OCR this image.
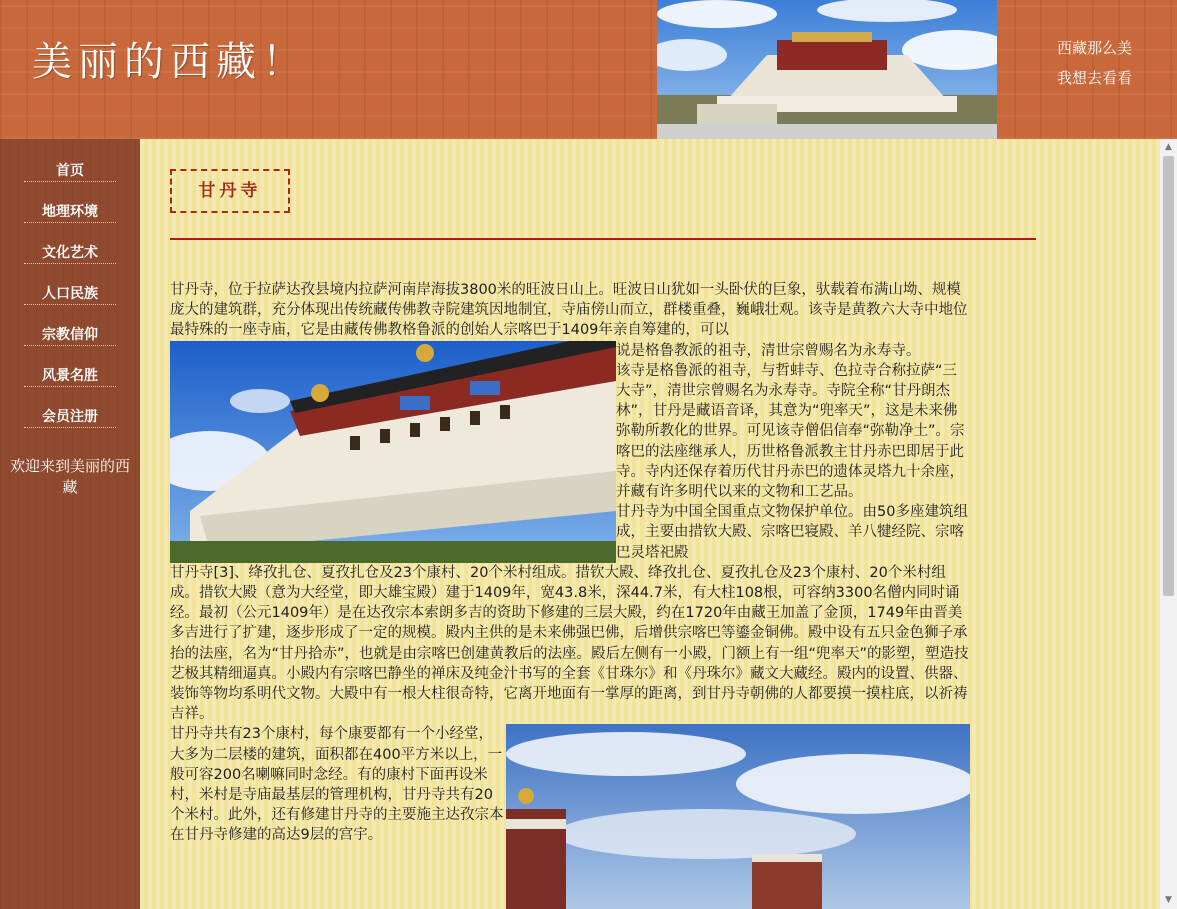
美丽的西藏！	西藏那么美
我想去看看
首页
地理环境
文化艺术
人口民族
宗教信仰
风景名胜
会员注册
欢迎来到美丽的西藏
甘丹寺

甘丹寺，位于拉萨达孜县境内拉萨河南岸海拔3800米的旺波日山上。旺波日山犹如一头卧伏的巨象，驮载着布满山坳、规模庞大的建筑群，充分体现出传统藏传佛教寺院建筑因地制宜，寺庙傍山而立，群楼重叠，巍峨壮观。该寺是黄教六大寺中地位最特殊的一座寺庙，它是由藏传佛教格鲁派的创始人宗喀巴于1409年亲自筹建的，可以

说是格鲁教派的祖寺，清世宗曾赐名为永寿寺。

该寺是格鲁派的祖寺，与哲蚌寺、色拉寺合称拉萨“三大寺”，清世宗曾赐名为永寿寺。寺院全称“甘丹朗杰林”，甘丹是藏语音译，其意为“兜率天”，这是未来佛弥勒所教化的世界。可见该寺僧侣信奉“弥勒净土”。宗喀巴的法座继承人，历世格鲁派教主甘丹赤巴即居于此寺。寺内还保存着历代甘丹赤巴的遗体灵塔九十余座，并藏有许多明代以来的文物和工艺品。

甘丹寺为中国全国重点文物保护单位。由50多座建筑组成，主要由措钦大殿、宗喀巴寝殿、羊八犍经院、宗喀巴灵塔祀殿

甘丹寺[3]、绛孜扎仓、夏孜扎仓及23个康村、20个米村组成。措钦大殿、绛孜扎仓、夏孜扎仓及23个康村、20个米村组成。措钦大殿（意为大经堂，即大雄宝殿）建于1409年，宽43.8米，深44.7米，有大柱108根，可容纳3300名僧内同时诵经。最初（公元1409年）是在达孜宗本索朗多吉的资助下修建的三层大殿，约在1720年由藏王加盖了金顶，1749年由晋美多吉进行了扩建，逐步形成了一定的规模。殿内主供的是未来佛强巴佛，后增供宗喀巴等鎏金铜佛。殿中设有五只金色狮子承抬的法座，名为“甘丹拾赤”，也就是由宗喀巴创建黄教后的法座。殿后左侧有一小殿，门额上有一组“兜率天”的影塑，塑造技艺极其精细逼真。小殿内有宗喀巴静坐的禅床及纯金汁书写的全套《甘珠尔》和《丹珠尔》藏文大藏经。殿内的设置、供器、装饰等物均系明代文物。大殿中有一根大柱很奇特，它离开地面有一掌厚的距离，到甘丹寺朝佛的人都要摸一摸柱底，以祈祷吉祥。

甘丹寺共有23个康村，每个康要都有一个小经堂，大多为二层楼的建筑，面积都在400平方米以上，一般可容200名喇嘛同时念经。有的康村下面再设米村，米村是寺庙最基层的管理机构，甘丹寺共有20个米村。此外，还有修建甘丹寺的主要施主达孜宗本在甘丹寺修建的高达9层的宫宇。

▲
▼
